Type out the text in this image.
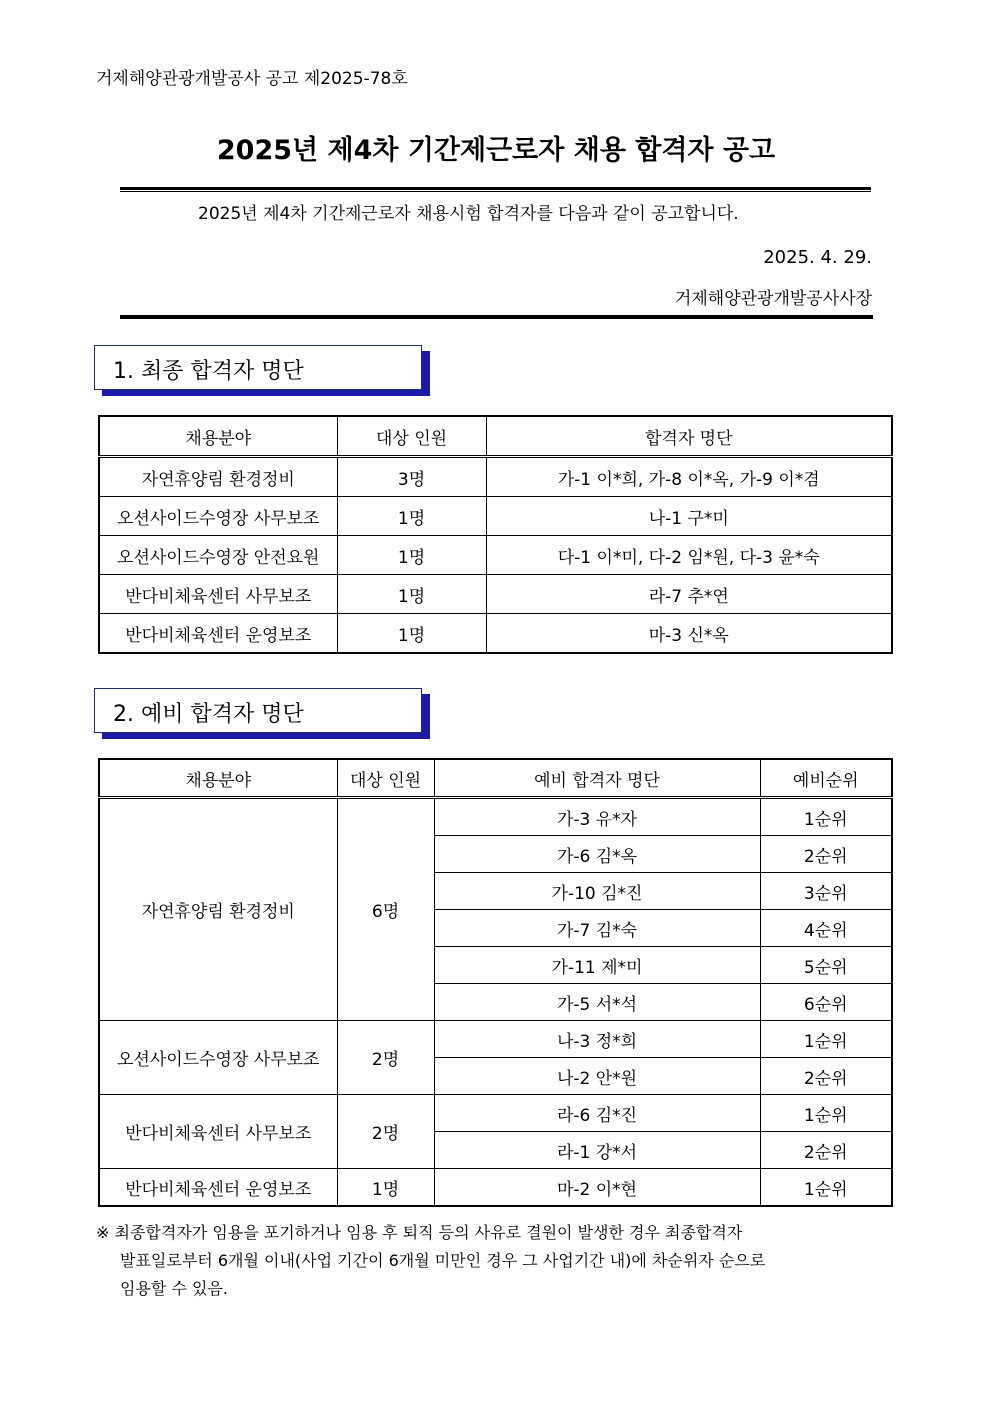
거제해양관광개발공사 공고 제2025-78호
2025년 제4차 기간제근로자 채용 합격자 공고
2025년 제4차 기간제근로자 채용시험 합격자를 다음과 같이 공고합니다.
2025. 4. 29.
거제해양관광개발공사사장
1. 최종 합격자 명단
채용분야	대상 인원	합격자 명단
자연휴양림 환경정비	3명	가-1 이*희, 가-8 이*옥, 가-9 이*겸
오션사이드수영장 사무보조	1명	나-1 구*미
오션사이드수영장 안전요원	1명	다-1 이*미, 다-2 임*원, 다-3 윤*숙
반다비체육센터 사무보조	1명	라-7 추*연
반다비체육센터 운영보조	1명	마-3 신*옥
2. 예비 합격자 명단
채용분야	대상 인원	예비 합격자 명단	예비순위
자연휴양림 환경정비	6명	가-3 유*자	1순위
		가-6 김*옥	2순위
		가-10 김*진	3순위
		가-7 김*숙	4순위
		가-11 제*미	5순위
		가-5 서*석	6순위
오션사이드수영장 사무보조	2명	나-3 정*희	1순위
		나-2 안*원	2순위
반다비체육센터 사무보조	2명	라-6 김*진	1순위
		라-1 강*서	2순위
반다비체육센터 운영보조	1명	마-2 이*현	1순위
※ 최종합격자가 임용을 포기하거나 임용 후 퇴직 등의 사유로 결원이 발생한 경우 최종합격자
발표일로부터 6개월 이내(사업 기간이 6개월 미만인 경우 그 사업기간 내)에 차순위자 순으로
임용할 수 있음.
